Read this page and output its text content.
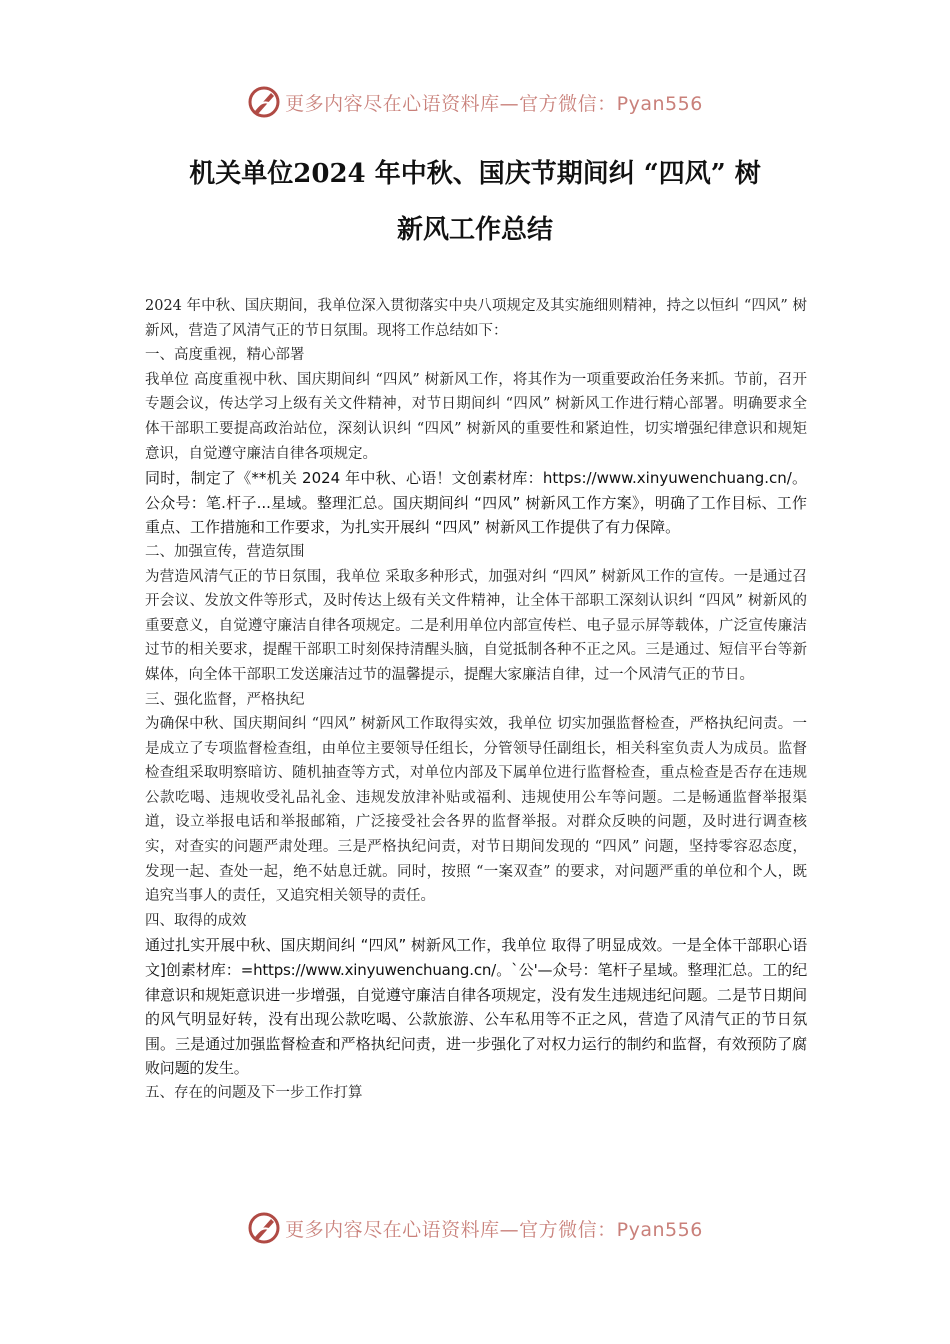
更多内容尽在心语资料库—官方微信：Pyan556
机关单位2024 年中秋、国庆节期间纠 “四风” 树
新风工作总结

2024 年中秋、国庆期间，我单位深入贯彻落实中央八项规定及其实施细则精神，持之以恒纠 “四风” 树新风，营造了风清气正的节日氛围。现将工作总结如下：

一、高度重视，精心部署

我单位 高度重视中秋、国庆期间纠 “四风” 树新风工作，将其作为一项重要政治任务来抓。节前，召开专题会议，传达学习上级有关文件精神，对节日期间纠 “四风” 树新风工作进行精心部署。明确要求全体干部职工要提高政治站位，深刻认识纠 “四风” 树新风的重要性和紧迫性，切实增强纪律意识和规矩意识，自觉遵守廉洁自律各项规定。

同时，制定了《**机关 2024 年中秋、心语！文创素材库：https://www.xinyuwenchuang.cn/。公众号：笔.杆子...星域。整理汇总。国庆期间纠 “四风” 树新风工作方案》，明确了工作目标、工作重点、工作措施和工作要求，为扎实开展纠 “四风” 树新风工作提供了有力保障。

二、加强宣传，营造氛围

为营造风清气正的节日氛围，我单位 采取多种形式，加强对纠 “四风” 树新风工作的宣传。一是通过召开会议、发放文件等形式，及时传达上级有关文件精神，让全体干部职工深刻认识纠 “四风” 树新风的重要意义，自觉遵守廉洁自律各项规定。二是利用单位内部宣传栏、电子显示屏等载体，广泛宣传廉洁过节的相关要求，提醒干部职工时刻保持清醒头脑，自觉抵制各种不正之风。三是通过、短信平台等新媒体，向全体干部职工发送廉洁过节的温馨提示，提醒大家廉洁自律，过一个风清气正的节日。

三、强化监督，严格执纪

为确保中秋、国庆期间纠 “四风” 树新风工作取得实效，我单位 切实加强监督检查，严格执纪问责。一是成立了专项监督检查组，由单位主要领导任组长，分管领导任副组长，相关科室负责人为成员。监督检查组采取明察暗访、随机抽查等方式，对单位内部及下属单位进行监督检查，重点检查是否存在违规公款吃喝、违规收受礼品礼金、违规发放津补贴或福利、违规使用公车等问题。二是畅通监督举报渠道，设立举报电话和举报邮箱，广泛接受社会各界的监督举报。对群众反映的问题，及时进行调查核实，对查实的问题严肃处理。三是严格执纪问责，对节日期间发现的 “四风” 问题，坚持零容忍态度，发现一起、查处一起，绝不姑息迁就。同时，按照 “一案双查” 的要求，对问题严重的单位和个人，既追究当事人的责任，又追究相关领导的责任。

四、取得的成效

通过扎实开展中秋、国庆期间纠 “四风” 树新风工作，我单位 取得了明显成效。一是全体干部职心语文]创素材库：=https://www.xinyuwenchuang.cn/。`公'—众号：笔杆子星域。整理汇总。工的纪律意识和规矩意识进一步增强，自觉遵守廉洁自律各项规定，没有发生违规违纪问题。二是节日期间的风气明显好转，没有出现公款吃喝、公款旅游、公车私用等不正之风，营造了风清气正的节日氛围。三是通过加强监督检查和严格执纪问责，进一步强化了对权力运行的制约和监督，有效预防了腐败问题的发生。

五、存在的问题及下一步工作打算

更多内容尽在心语资料库—官方微信：Pyan556
